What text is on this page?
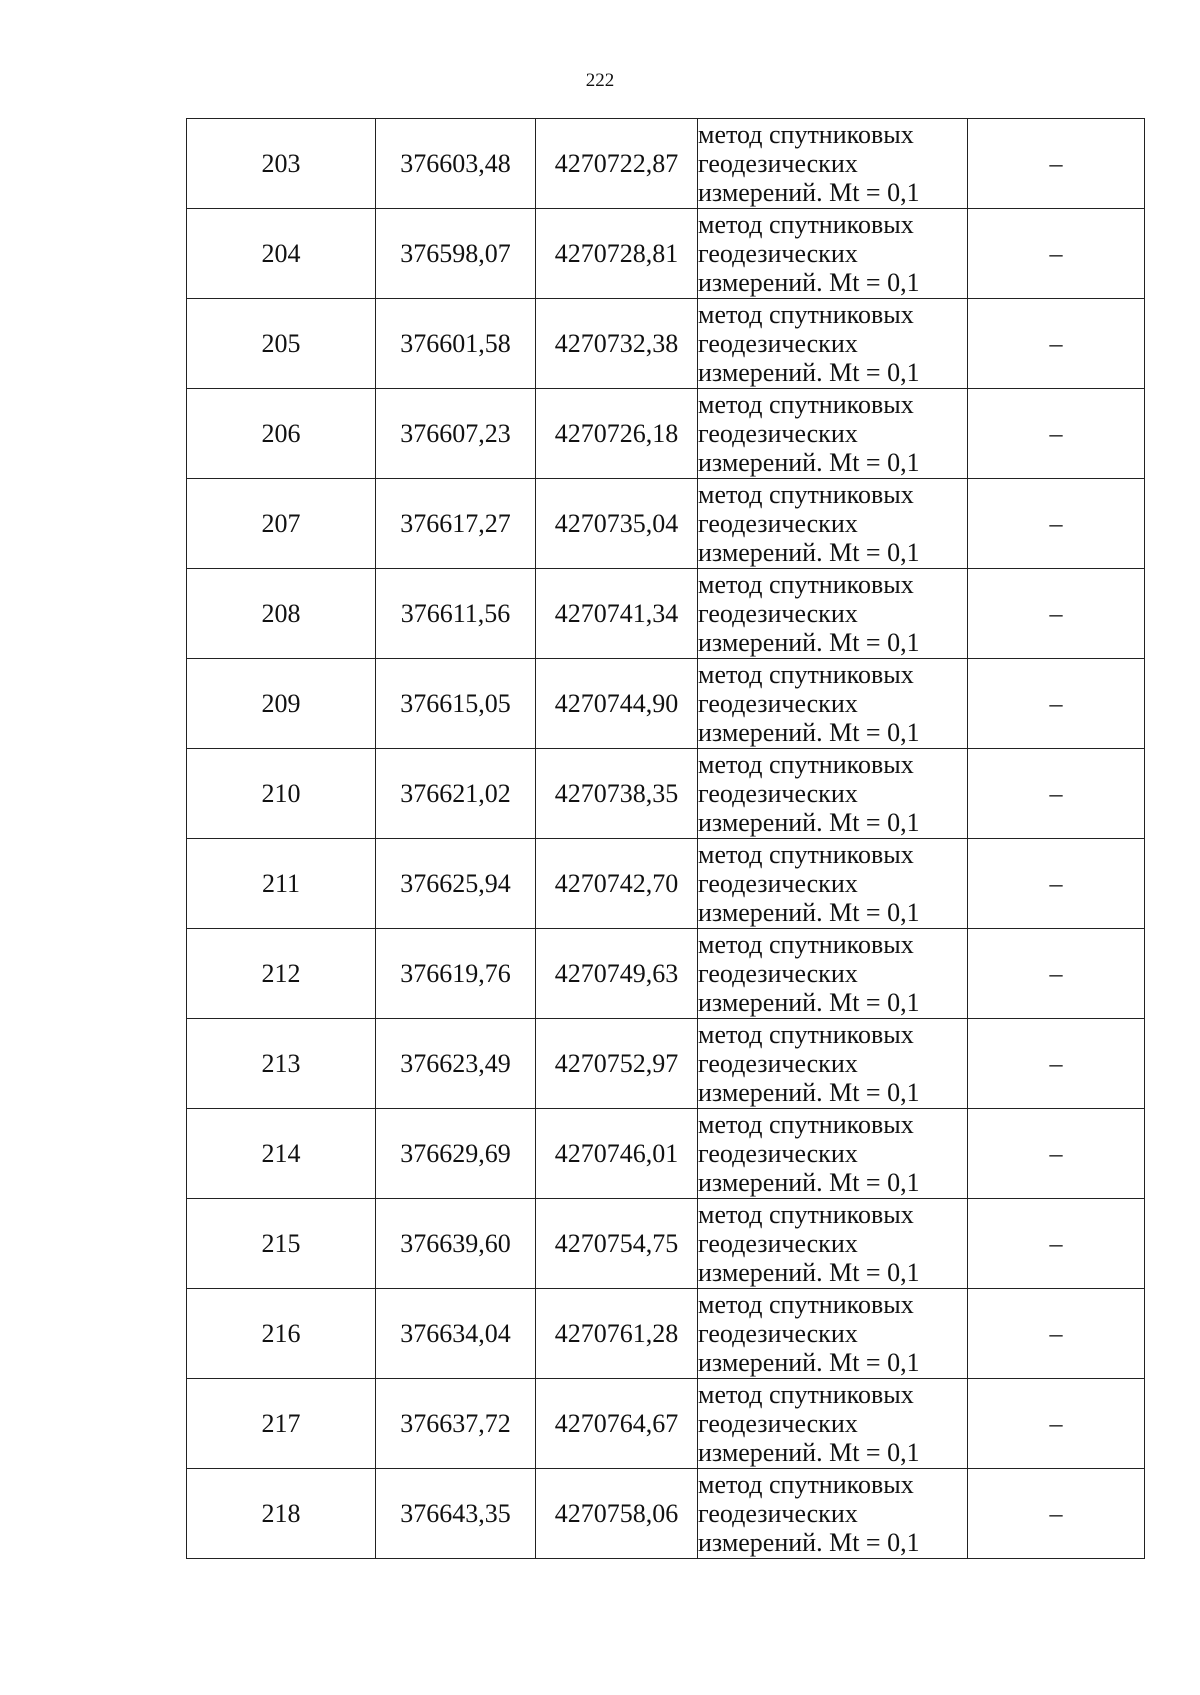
222
203	376603,48	4270722,87	метод спутниковых
геодезических
измерений. Mt = 0,1	–
204	376598,07	4270728,81	метод спутниковых
геодезических
измерений. Mt = 0,1	–
205	376601,58	4270732,38	метод спутниковых
геодезических
измерений. Mt = 0,1	–
206	376607,23	4270726,18	метод спутниковых
геодезических
измерений. Mt = 0,1	–
207	376617,27	4270735,04	метод спутниковых
геодезических
измерений. Mt = 0,1	–
208	376611,56	4270741,34	метод спутниковых
геодезических
измерений. Mt = 0,1	–
209	376615,05	4270744,90	метод спутниковых
геодезических
измерений. Mt = 0,1	–
210	376621,02	4270738,35	метод спутниковых
геодезических
измерений. Mt = 0,1	–
211	376625,94	4270742,70	метод спутниковых
геодезических
измерений. Mt = 0,1	–
212	376619,76	4270749,63	метод спутниковых
геодезических
измерений. Mt = 0,1	–
213	376623,49	4270752,97	метод спутниковых
геодезических
измерений. Mt = 0,1	–
214	376629,69	4270746,01	метод спутниковых
геодезических
измерений. Mt = 0,1	–
215	376639,60	4270754,75	метод спутниковых
геодезических
измерений. Mt = 0,1	–
216	376634,04	4270761,28	метод спутниковых
геодезических
измерений. Mt = 0,1	–
217	376637,72	4270764,67	метод спутниковых
геодезических
измерений. Mt = 0,1	–
218	376643,35	4270758,06	метод спутниковых
геодезических
измерений. Mt = 0,1	–
